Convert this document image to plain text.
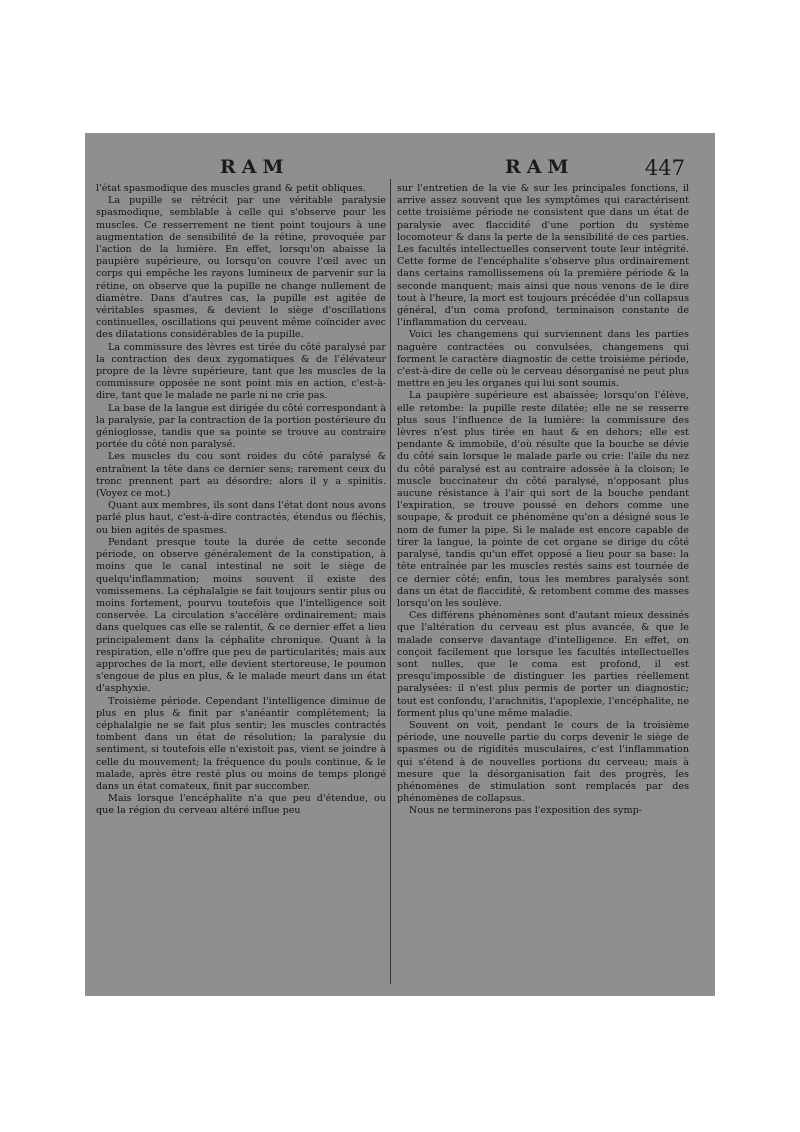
RAM	RAM	447

l'état spasmodique des muscles grand & petit obliques.

La pupille se rétrécit par une véritable paralysie spasmodique, semblable à celle qui s'observe pour les muscles. Ce resserrement ne tient point toujours à une augmentation de sensibilité de la rétine, provoquée par l'action de la lumière. En effet, lorsqu'on abaisse la paupière supérieure, ou lorsqu'on couvre l'œil avec un corps qui empêche les rayons lumineux de parvenir sur la rétine, on observe que la pupille ne change nullement de diamètre. Dans d'autres cas, la pupille est agitée de véritables spasmes, & devient le siège d'oscillations continuelles, oscillations qui peuvent même coïncider avec des dilatations considérables de la pupille.

La commissure des lèvres est tirée du côté paralysé par la contraction des deux zygomatiques & de l'élévateur propre de la lèvre supérieure, tant que les muscles de la commissure opposée ne sont point mis en action, c'est-à-dire, tant que le malade ne parle ni ne crie pas.

La base de la langue est dirigée du côté correspondant à la paralysie, par la contraction de la portion postérieure du génioglosse, tandis que sa pointe se trouve au contraire portée du côté non paralysé.

Les muscles du cou sont roides du côté paralysé & entraînent la tête dans ce dernier sens; rarement ceux du tronc prennent part au désordre; alors il y a spinitis. (Voyez ce mot.)

Quant aux membres, ils sont dans l'état dont nous avons parlé plus haut, c'est-à-dire contractés, étendus ou fléchis, ou bien agités de spasmes.

Pendant presque toute la durée de cette seconde période, on observe généralement de la constipation, à moins que le canal intestinal ne soit le siège de quelqu'inflammation; moins souvent il existe des vomissemens. La céphalalgie se fait toujours sentir plus ou moins fortement, pourvu toutefois que l'intelligence soit conservée. La circulation s'accélère ordinairement; mais dans quelques cas elle se ralentit, & ce dernier effet a lieu principalement dans la céphalite chronique. Quant à la respiration, elle n'offre que peu de particularités; mais aux approches de la mort, elle devient stertoreuse, le poumon s'engoue de plus en plus, & le malade meurt dans un état d'asphyxie.

Troisième période. Cependant l'intelligence diminue de plus en plus & finit par s'anéantir complétement; la céphalalgie ne se fait plus sentir; les muscles contractés tombent dans un état de résolution; la paralysie du sentiment, si toutefois elle n'existoit pas, vient se joindre à celle du mouvement; la fréquence du pouls continue, & le malade, après être resté plus ou moins de temps plongé dans un état comateux, finit par succomber.

Mais lorsque l'encéphalite n'a que peu d'étendue, ou que la région du cerveau altéré influe peu

sur l'entretien de la vie & sur les principales fonctions, il arrive assez souvent que les symptômes qui caractérisent cette troisième période ne consistent que dans un état de paralysie avec flaccidité d'une portion du système locomoteur & dans la perte de la sensibilité de ces parties. Les facultés intellectuelles conservent toute leur intégrité. Cette forme de l'encéphalite s'observe plus ordinairement dans certains ramollissemens où la première période & la seconde manquent; mais ainsi que nous venons de le dire tout à l'heure, la mort est toujours précédée d'un collapsus général, d'un coma profond, terminaison constante de l'inflammation du cerveau.

Voici les changemens qui surviennent dans les parties naguère contractées ou convulsées, changemens qui forment le caractère diagnostic de cette troisième période, c'est-à-dire de celle où le cerveau désorganisé ne peut plus mettre en jeu les organes qui lui sont soumis.

La paupière supérieure est abaissée; lorsqu'on l'élève, elle retombe: la pupille reste dilatée; elle ne se resserre plus sous l'influence de la lumière: la commissure des lèvres n'est plus tirée en haut & en dehors; elle est pendante & immobile, d'où résulte que la bouche se dévie du côté sain lorsque le malade parle ou crie: l'aile du nez du côté paralysé est au contraire adossée à la cloison; le muscle buccinateur du côté paralysé, n'opposant plus aucune résistance à l'air qui sort de la bouche pendant l'expiration, se trouve poussé en dehors comme une soupape, & produit ce phénomène qu'on a désigné sous le nom de fumer la pipe. Si le malade est encore capable de tirer la langue, la pointe de cet organe se dirige du côté paralysé, tandis qu'un effet opposé a lieu pour sa base: la tête entraînée par les muscles restés sains est tournée de ce dernier côté; enfin, tous les membres paralysés sont dans un état de flaccidité, & retombent comme des masses lorsqu'on les soulève.

Ces différens phénomènes sont d'autant mieux dessinés que l'altération du cerveau est plus avancée, & que le malade conserve davantage d'intelligence. En effet, on conçoit facilement que lorsque les facultés intellectuelles sont nulles, que le coma est profond, il est presqu'impossible de distinguer les parties réellement paralysées: il n'est plus permis de porter un diagnostic; tout est confondu, l'arachnitis, l'apoplexie, l'encéphalite, ne forment plus qu'une même maladie.

Souvent on voit, pendant le cours de la troisième période, une nouvelle partie du corps devenir le siège de spasmes ou de rigidités musculaires, c'est l'inflammation qui s'étend à de nouvelles portions du cerveau; mais à mesure que la désorganisation fait des progrès, les phénomènes de stimulation sont remplacés par des phénomènes de collapsus.

Nous ne terminerons pas l'exposition des symp-
